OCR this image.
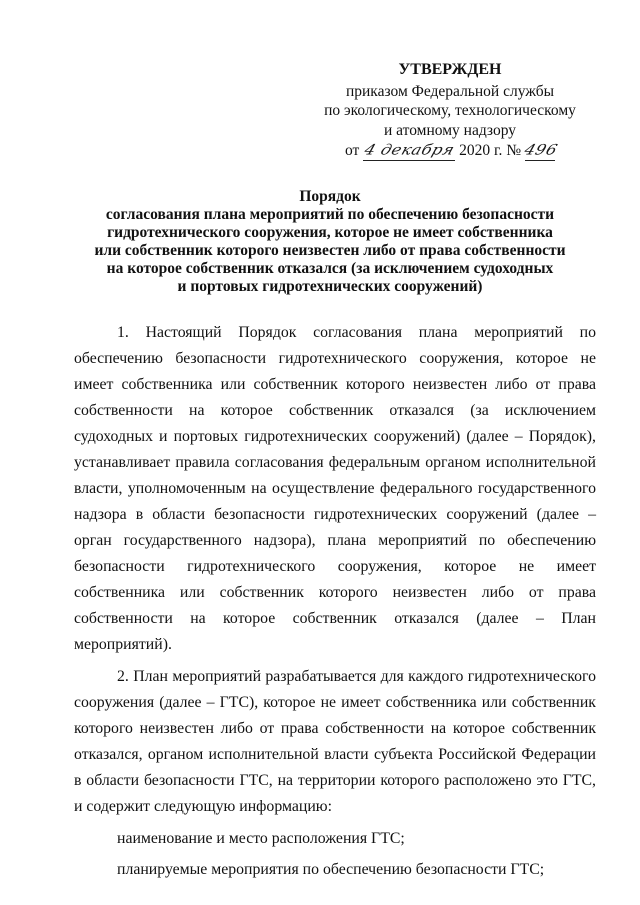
УТВЕРЖДЕН
приказом Федеральной службы
по экологическому, технологическому
и атомному надзору
от 4 декабря 2020 г. № 496
Порядок
согласования плана мероприятий по обеспечению безопасности
гидротехнического сооружения, которое не имеет собственника
или собственник которого неизвестен либо от права собственности
на которое собственник отказался (за исключением судоходных
и портовых гидротехнических сооружений)

1. Настоящий Порядок согласования плана мероприятий по обеспечению безопасности гидротехнического сооружения, которое не имеет собственника или собственник которого неизвестен либо от права собственности на которое собственник отказался (за исключением судоходных и портовых гидротехнических сооружений) (далее – Порядок), устанавливает правила согласования федеральным органом исполнительной власти, уполномоченным на осуществление федерального государственного надзора в области безопасности гидротехнических сооружений (далее – орган государственного надзора), плана мероприятий по обеспечению безопасности гидротехнического сооружения, которое не имеет собственника или собственник которого неизвестен либо от права собственности на которое собственник отказался (далее – План мероприятий).

2. План мероприятий разрабатывается для каждого гидротехнического сооружения (далее – ГТС), которое не имеет собственника или собственник которого неизвестен либо от права собственности на которое собственник отказался, органом исполнительной власти субъекта Российской Федерации в области безопасности ГТС, на территории которого расположено это ГТС, и содержит следующую информацию:

наименование и место расположения ГТС;

планируемые мероприятия по обеспечению безопасности ГТС;
